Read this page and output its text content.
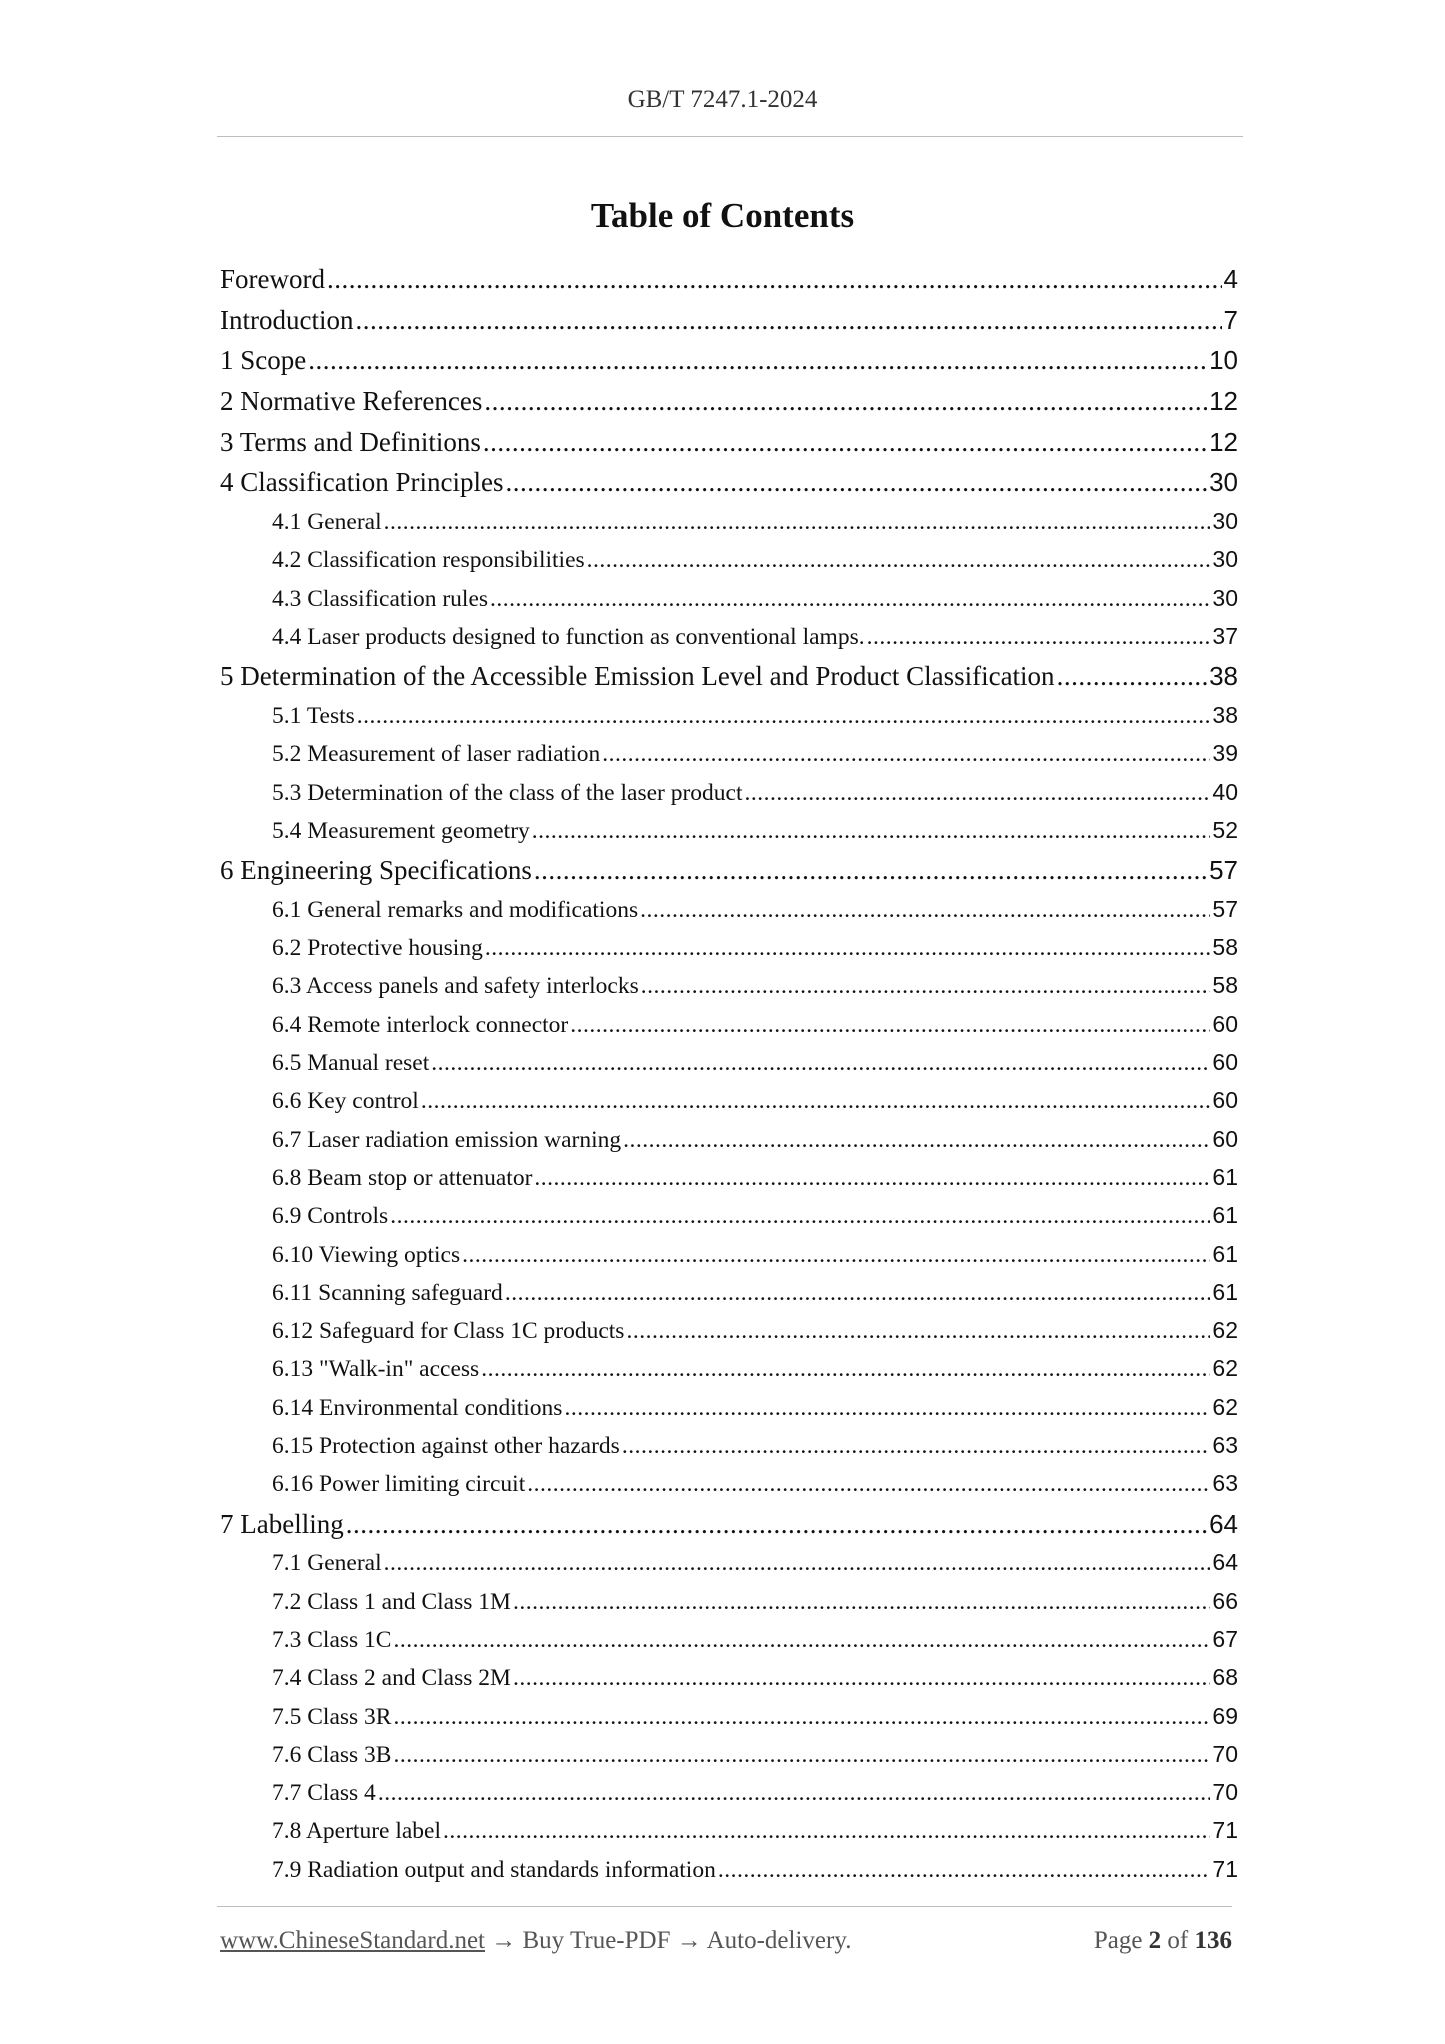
GB/T 7247.1-2024
Table of Contents
Foreword .....	4
Introduction .....	7
1 Scope .....	10
2 Normative References .....	12
3 Terms and Definitions .....	12
4 Classification Principles .....	30
4.1 General .....	30
4.2 Classification responsibilities .....	30
4.3 Classification rules .....	30
4.4 Laser products designed to function as conventional lamps. .....	37
5 Determination of the Accessible Emission Level and Product Classification .....	38
5.1 Tests .....	38
5.2 Measurement of laser radiation .....	39
5.3 Determination of the class of the laser product .....	40
5.4 Measurement geometry .....	52
6 Engineering Specifications .....	57
6.1 General remarks and modifications .....	57
6.2 Protective housing .....	58
6.3 Access panels and safety interlocks .....	58
6.4 Remote interlock connector .....	60
6.5 Manual reset .....	60
6.6 Key control .....	60
6.7 Laser radiation emission warning .....	60
6.8 Beam stop or attenuator .....	61
6.9 Controls .....	61
6.10 Viewing optics .....	61
6.11 Scanning safeguard .....	61
6.12 Safeguard for Class 1C products .....	62
6.13 "Walk-in" access .....	62
6.14 Environmental conditions .....	62
6.15 Protection against other hazards .....	63
6.16 Power limiting circuit .....	63
7 Labelling .....	64
7.1 General .....	64
7.2 Class 1 and Class 1M .....	66
7.3 Class 1C .....	67
7.4 Class 2 and Class 2M .....	68
7.5 Class 3R .....	69
7.6 Class 3B .....	70
7.7 Class 4 .....	70
7.8 Aperture label .....	71
7.9 Radiation output and standards information .....	71
www.ChineseStandard.net → Buy True-PDF → Auto-delivery.	Page 2 of 136
